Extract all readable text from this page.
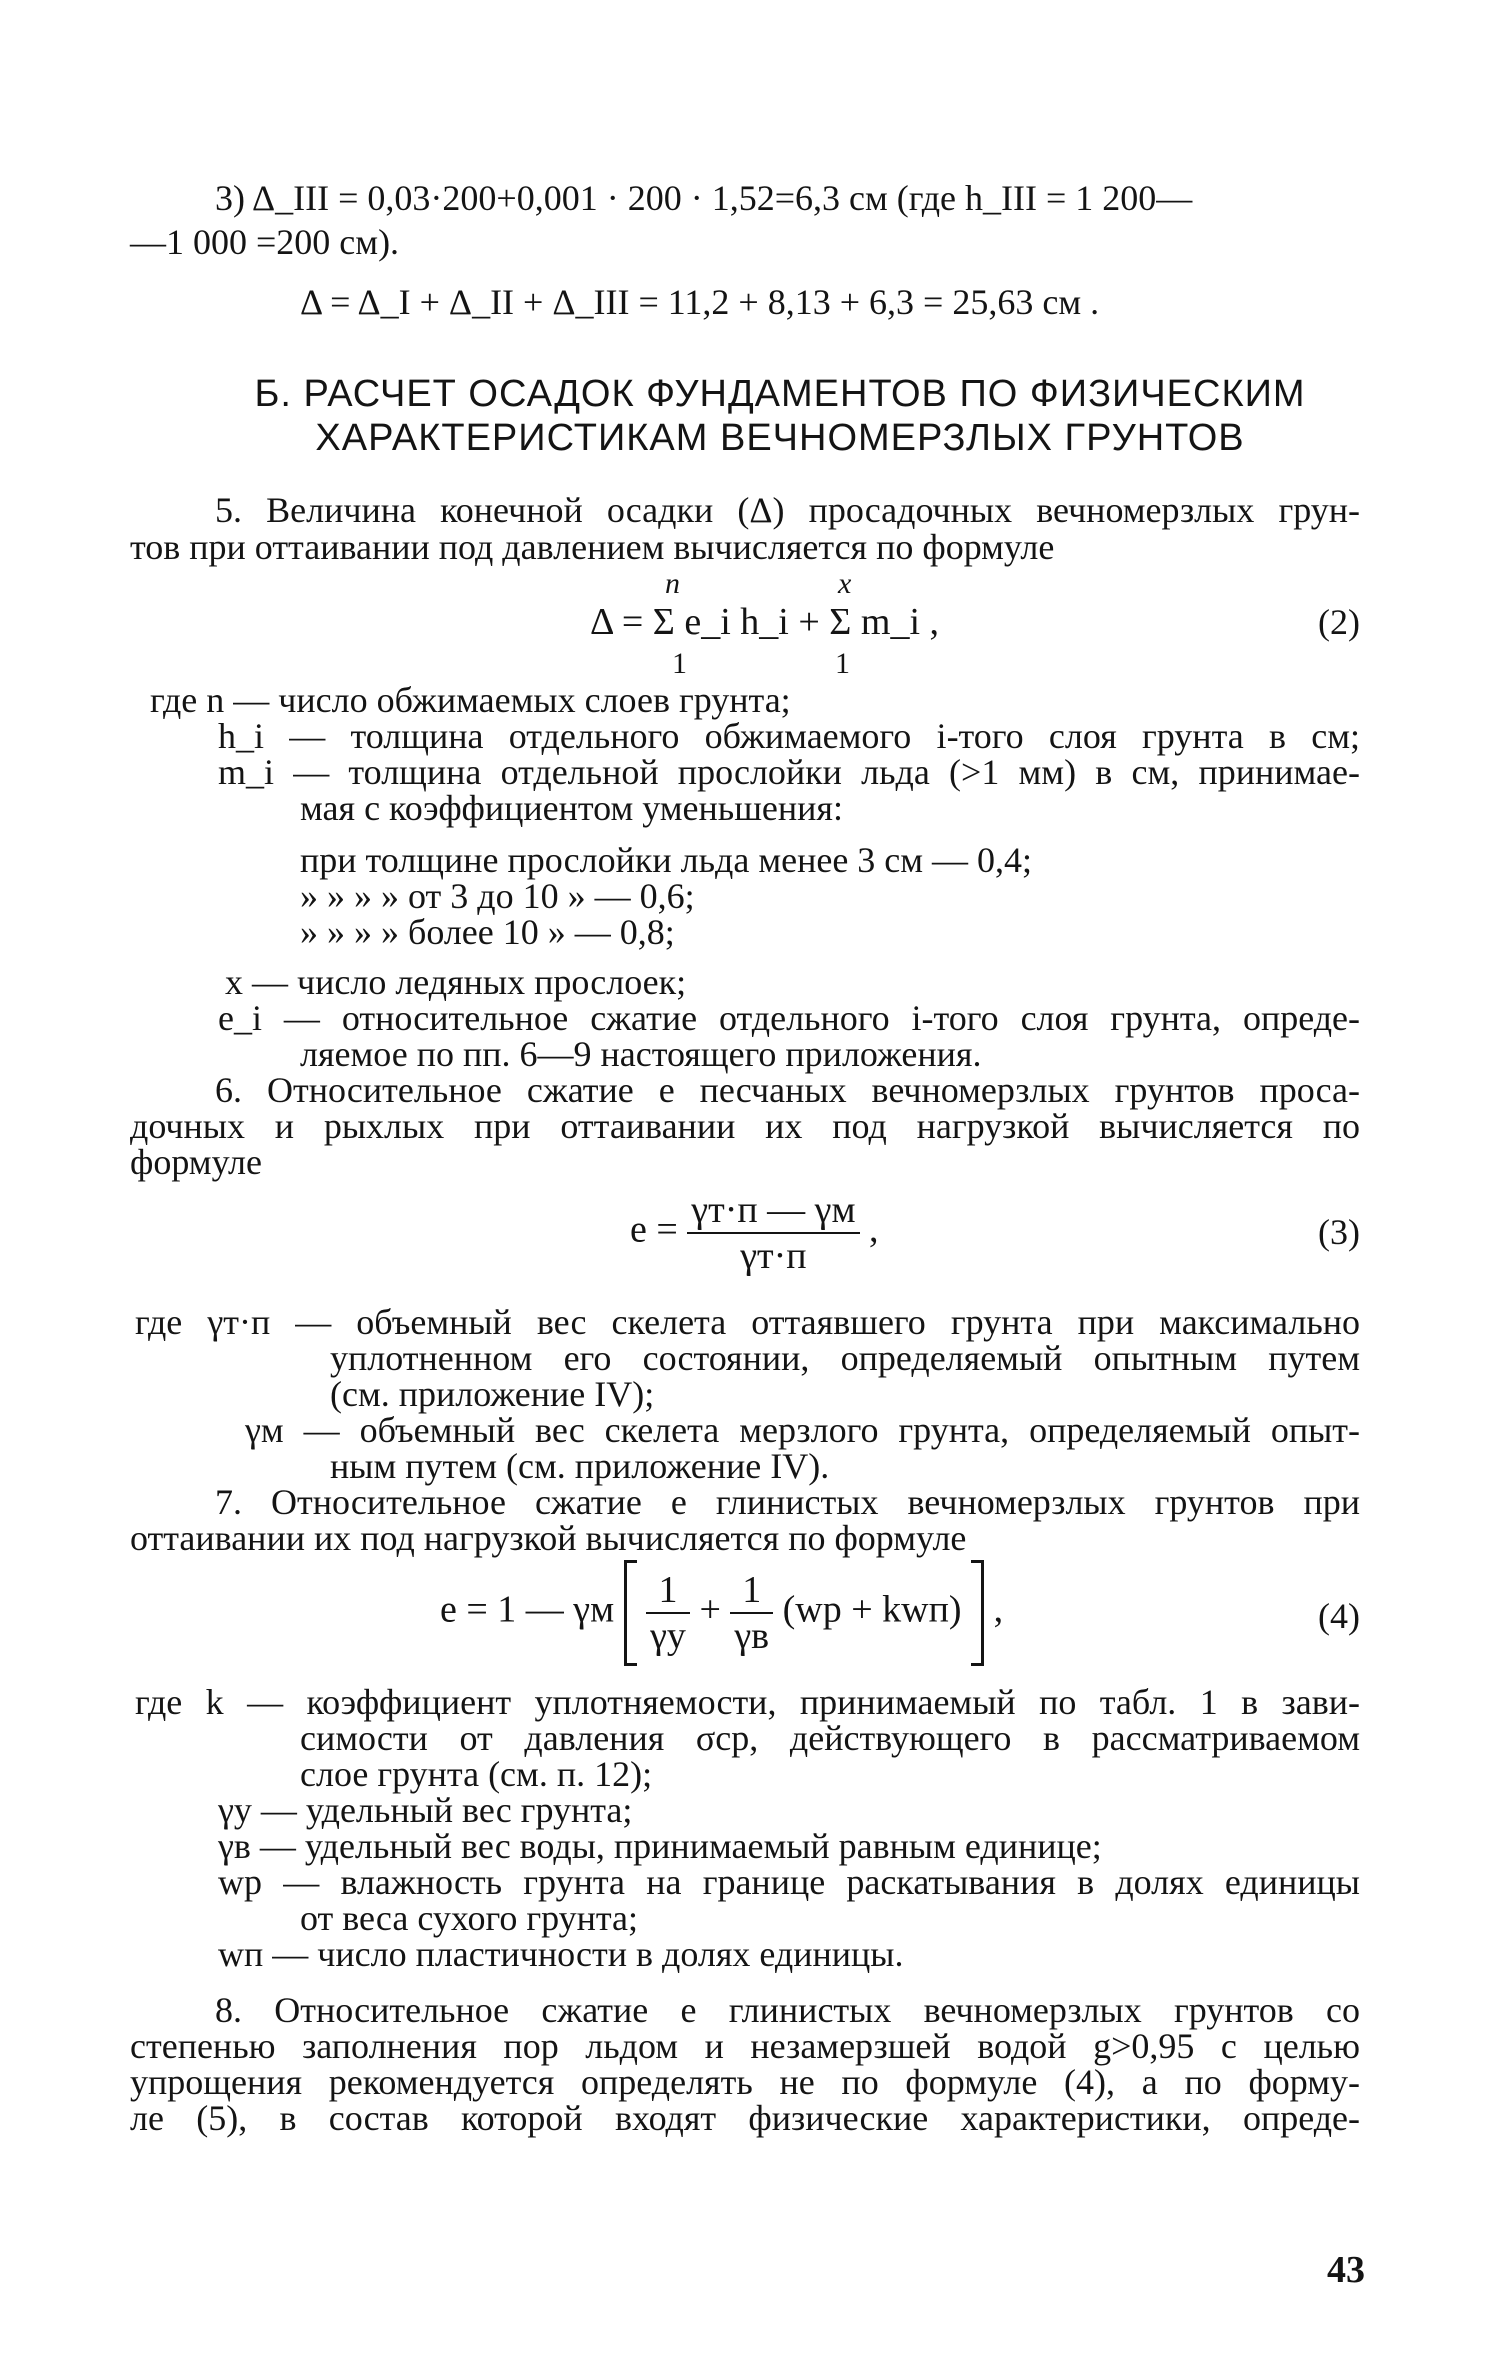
3) Δ_III = 0,03·200+0,001 · 200 · 1,52=6,3 см (где h_III = 1 200—
—1 000 =200 см).
Δ = Δ_I + Δ_II + Δ_III = 11,2 + 8,13 + 6,3 = 25,63 см .
Б. РАСЧЕТ ОСАДОК ФУНДАМЕНТОВ ПО ФИЗИЧЕСКИМ
ХАРАКТЕРИСТИКАМ ВЕЧНОМЕРЗЛЫХ ГРУНТОВ
5. Величина конечной осадки (Δ) просадочных вечномерзлых грун-
тов при оттаивании под давлением вычисляется по формуле
n	x
Δ = Σ e_i h_i + Σ m_i ,
1	1
(2)
где n — число обжимаемых слоев грунта;
h_i — толщина отдельного обжимаемого i-того слоя грунта в см;
m_i — толщина отдельной прослойки льда (>1 мм) в см, принимае-
мая с коэффициентом уменьшения:
при толщине прослойки льда менее 3 см — 0,4;
» » » » от 3 до 10 » — 0,6;
» » » » более 10 » — 0,8;
x — число ледяных прослоек;
e_i — относительное сжатие отдельного i-того слоя грунта, опреде-
ляемое по пп. 6—9 настоящего приложения.
6. Относительное сжатие e песчаных вечномерзлых грунтов проса-
дочных и рыхлых при оттаивании их под нагрузкой вычисляется по
формуле
$e = \frac{\gamma т\cdot п — \gamma м}{\gamma т\cdot п}$ ,	(3)
где γт·п — объемный вес скелета оттаявшего грунта при максимально
уплотненном его состоянии, определяемый опытным путем
(см. приложение IV);
γм — объемный вес скелета мерзлого грунта, определяемый опыт-
ным путем (см. приложение IV).
7. Относительное сжатие e глинистых вечномерзлых грунтов при
оттаивании их под нагрузкой вычисляется по формуле
e = 1 — γм $\frac{1}{\gamma у} + \frac{1}{\gamma в} (wр + kwп)$ ,	(4)
где k — коэффициент уплотняемости, принимаемый по табл. 1 в зави-
симости от давления σср, действующего в рассматриваемом
слое грунта (см. п. 12);
γу — удельный вес грунта;
γв — удельный вес воды, принимаемый равным единице;
wр — влажность грунта на границе раскатывания в долях единицы
от веса сухого грунта;
wп — число пластичности в долях единицы.
8. Относительное сжатие e глинистых вечномерзлых грунтов со
степенью заполнения пор льдом и незамерзшей водой g>0,95 с целью
упрощения рекомендуется определять не по формуле (4), а по форму-
ле (5), в состав которой входят физические характеристики, опреде-
43
